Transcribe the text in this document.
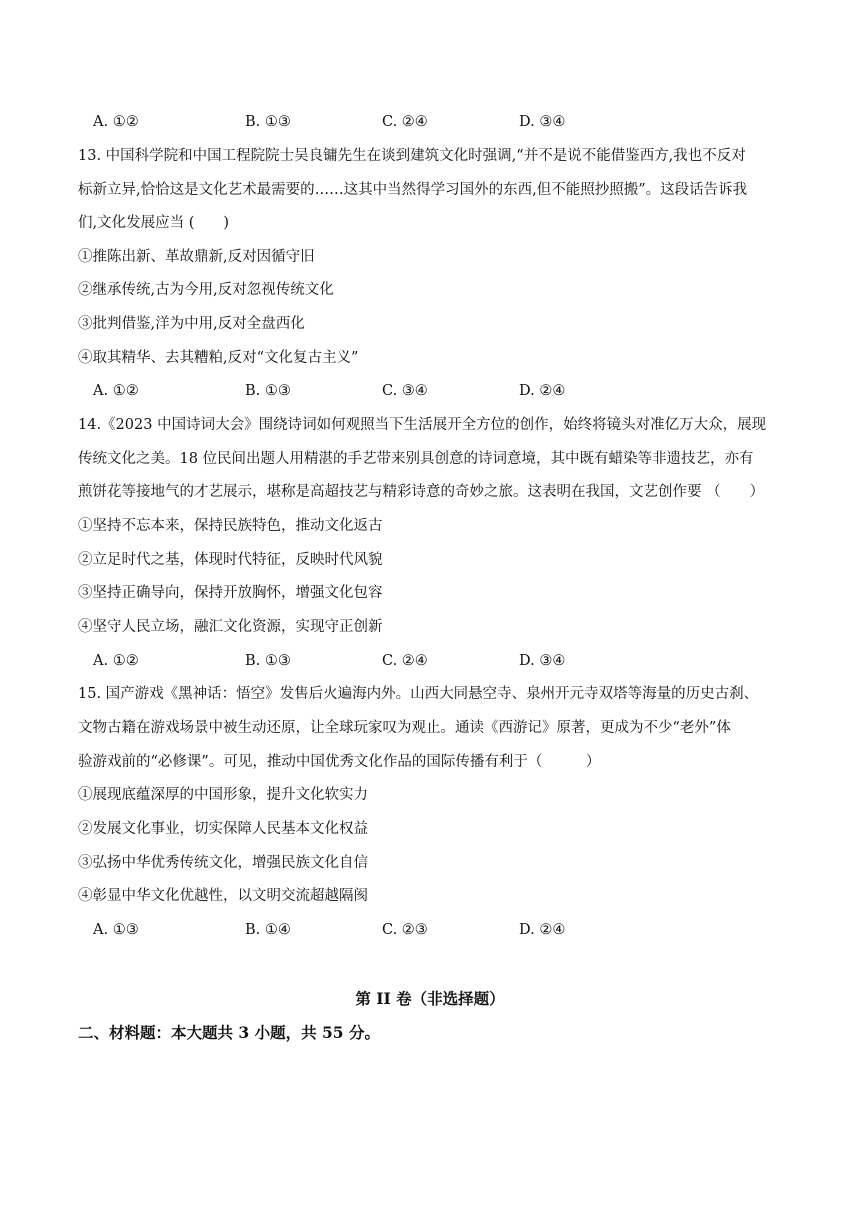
A. ①②	B. ①③	C. ②④	D. ③④
13. 中国科学院和中国工程院院士吴良镛先生在谈到建筑文化时强调,“并不是说不能借鉴西方,我也不反对
标新立异,恰恰这是文化艺术最需要的……这其中当然得学习国外的东西,但不能照抄照搬”。这段话告诉我
们,文化发展应当 (　　)
①推陈出新、革故鼎新,反对因循守旧
②继承传统,古为今用,反对忽视传统文化
③批判借鉴,洋为中用,反对全盘西化
④取其精华、去其糟粕,反对“文化复古主义”
A. ①②	B. ①③	C. ③④	D. ②④
14.《2023 中国诗词大会》围绕诗词如何观照当下生活展开全方位的创作，始终将镜头对准亿万大众，展现
传统文化之美。18 位民间出题人用精湛的手艺带来别具创意的诗词意境，其中既有蜡染等非遗技艺，亦有
煎饼花等接地气的才艺展示，堪称是高超技艺与精彩诗意的奇妙之旅。这表明在我国，文艺创作要 （　　）
①坚持不忘本来，保持民族特色，推动文化返古
②立足时代之基，体现时代特征，反映时代风貌
③坚持正确导向，保持开放胸怀，增强文化包容
④坚守人民立场，融汇文化资源，实现守正创新
A. ①②	B. ①③	C. ②④	D. ③④
15. 国产游戏《黑神话：悟空》发售后火遍海内外。山西大同悬空寺、泉州开元寺双塔等海量的历史古刹、
文物古籍在游戏场景中被生动还原，让全球玩家叹为观止。通读《西游记》原著，更成为不少“老外”体
验游戏前的“必修课”。可见，推动中国优秀文化作品的国际传播有利于（　　　）
①展现底蕴深厚的中国形象，提升文化软实力
②发展文化事业，切实保障人民基本文化权益
③弘扬中华优秀传统文化，增强民族文化自信
④彰显中华文化优越性，以文明交流超越隔阂
A. ①③	B. ①④	C. ②③	D. ②④
第 II 卷（非选择题）
二、材料题：本大题共 3 小题，共 55 分。
